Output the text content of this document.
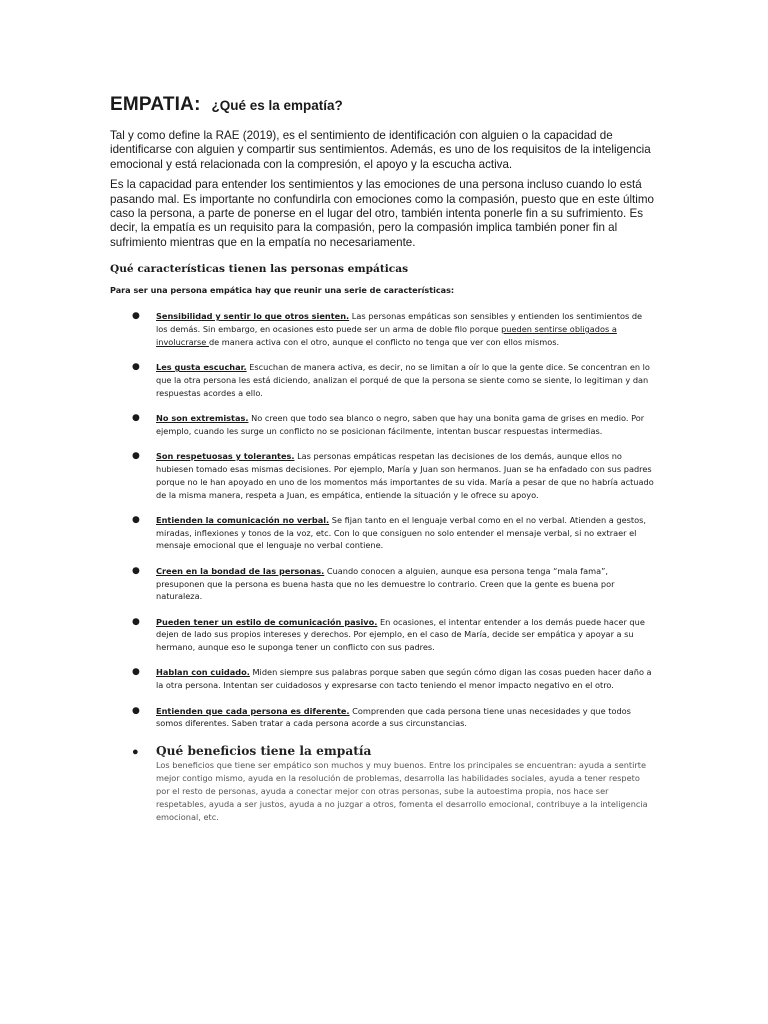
EMPATIA: ¿Qué es la empatía?

Tal y como define la RAE (2019), es el sentimiento de identificación con alguien o la capacidad de identificarse con alguien y compartir sus sentimientos. Además, es uno de los requisitos de la inteligencia emocional y está relacionada con la compresión, el apoyo y la escucha activa.

Es la capacidad para entender los sentimientos y las emociones de una persona incluso cuando lo está pasando mal. Es importante no confundirla con emociones como la compasión, puesto que en este último caso la persona, a parte de ponerse en el lugar del otro, también intenta ponerle fin a su sufrimiento. Es decir, la empatía es un requisito para la compasión, pero la compasión implica también poner fin al sufrimiento mientras que en la empatía no necesariamente.

Qué características tienen las personas empáticas

Para ser una persona empática hay que reunir una serie de características:

● Sensibilidad y sentir lo que otros sienten. Las personas empáticas son sensibles y entienden los sentimientos de los demás. Sin embargo, en ocasiones esto puede ser un arma de doble filo porque pueden sentirse obligados a involucrarse de manera activa con el otro, aunque el conflicto no tenga que ver con ellos mismos.
● Les gusta escuchar. Escuchan de manera activa, es decir, no se limitan a oír lo que la gente dice. Se concentran en lo que la otra persona les está diciendo, analizan el porqué de que la persona se siente como se siente, lo legitiman y dan respuestas acordes a ello.
● No son extremistas. No creen que todo sea blanco o negro, saben que hay una bonita gama de grises en medio. Por ejemplo, cuando les surge un conflicto no se posicionan fácilmente, intentan buscar respuestas intermedias.
● Son respetuosas y tolerantes. Las personas empáticas respetan las decisiones de los demás, aunque ellos no hubiesen tomado esas mismas decisiones. Por ejemplo, María y Juan son hermanos. Juan se ha enfadado con sus padres porque no le han apoyado en uno de los momentos más importantes de su vida. María a pesar de que no habría actuado de la misma manera, respeta a Juan, es empática, entiende la situación y le ofrece su apoyo.
● Entienden la comunicación no verbal. Se fijan tanto en el lenguaje verbal como en el no verbal. Atienden a gestos, miradas, inflexiones y tonos de la voz, etc. Con lo que consiguen no solo entender el mensaje verbal, si no extraer el mensaje emocional que el lenguaje no verbal contiene.
● Creen en la bondad de las personas. Cuando conocen a alguien, aunque esa persona tenga “mala fama”, presuponen que la persona es buena hasta que no les demuestre lo contrario. Creen que la gente es buena por naturaleza.
● Pueden tener un estilo de comunicación pasivo. En ocasiones, el intentar entender a los demás puede hacer que dejen de lado sus propios intereses y derechos. Por ejemplo, en el caso de María, decide ser empática y apoyar a su hermano, aunque eso le suponga tener un conflicto con sus padres.
● Hablan con cuidado. Miden siempre sus palabras porque saben que según cómo digan las cosas pueden hacer daño a la otra persona. Intentan ser cuidadosos y expresarse con tacto teniendo el menor impacto negativo en el otro.
● Entienden que cada persona es diferente. Comprenden que cada persona tiene unas necesidades y que todos somos diferentes. Saben tratar a cada persona acorde a sus circunstancias.
● Qué beneficios tiene la empatía

Los beneficios que tiene ser empático son muchos y muy buenos. Entre los principales se encuentran: ayuda a sentirte mejor contigo mismo, ayuda en la resolución de problemas, desarrolla las habilidades sociales, ayuda a tener respeto por el resto de personas, ayuda a conectar mejor con otras personas, sube la autoestima propia, nos hace ser respetables, ayuda a ser justos, ayuda a no juzgar a otros, fomenta el desarrollo emocional, contribuye a la inteligencia emocional, etc.
